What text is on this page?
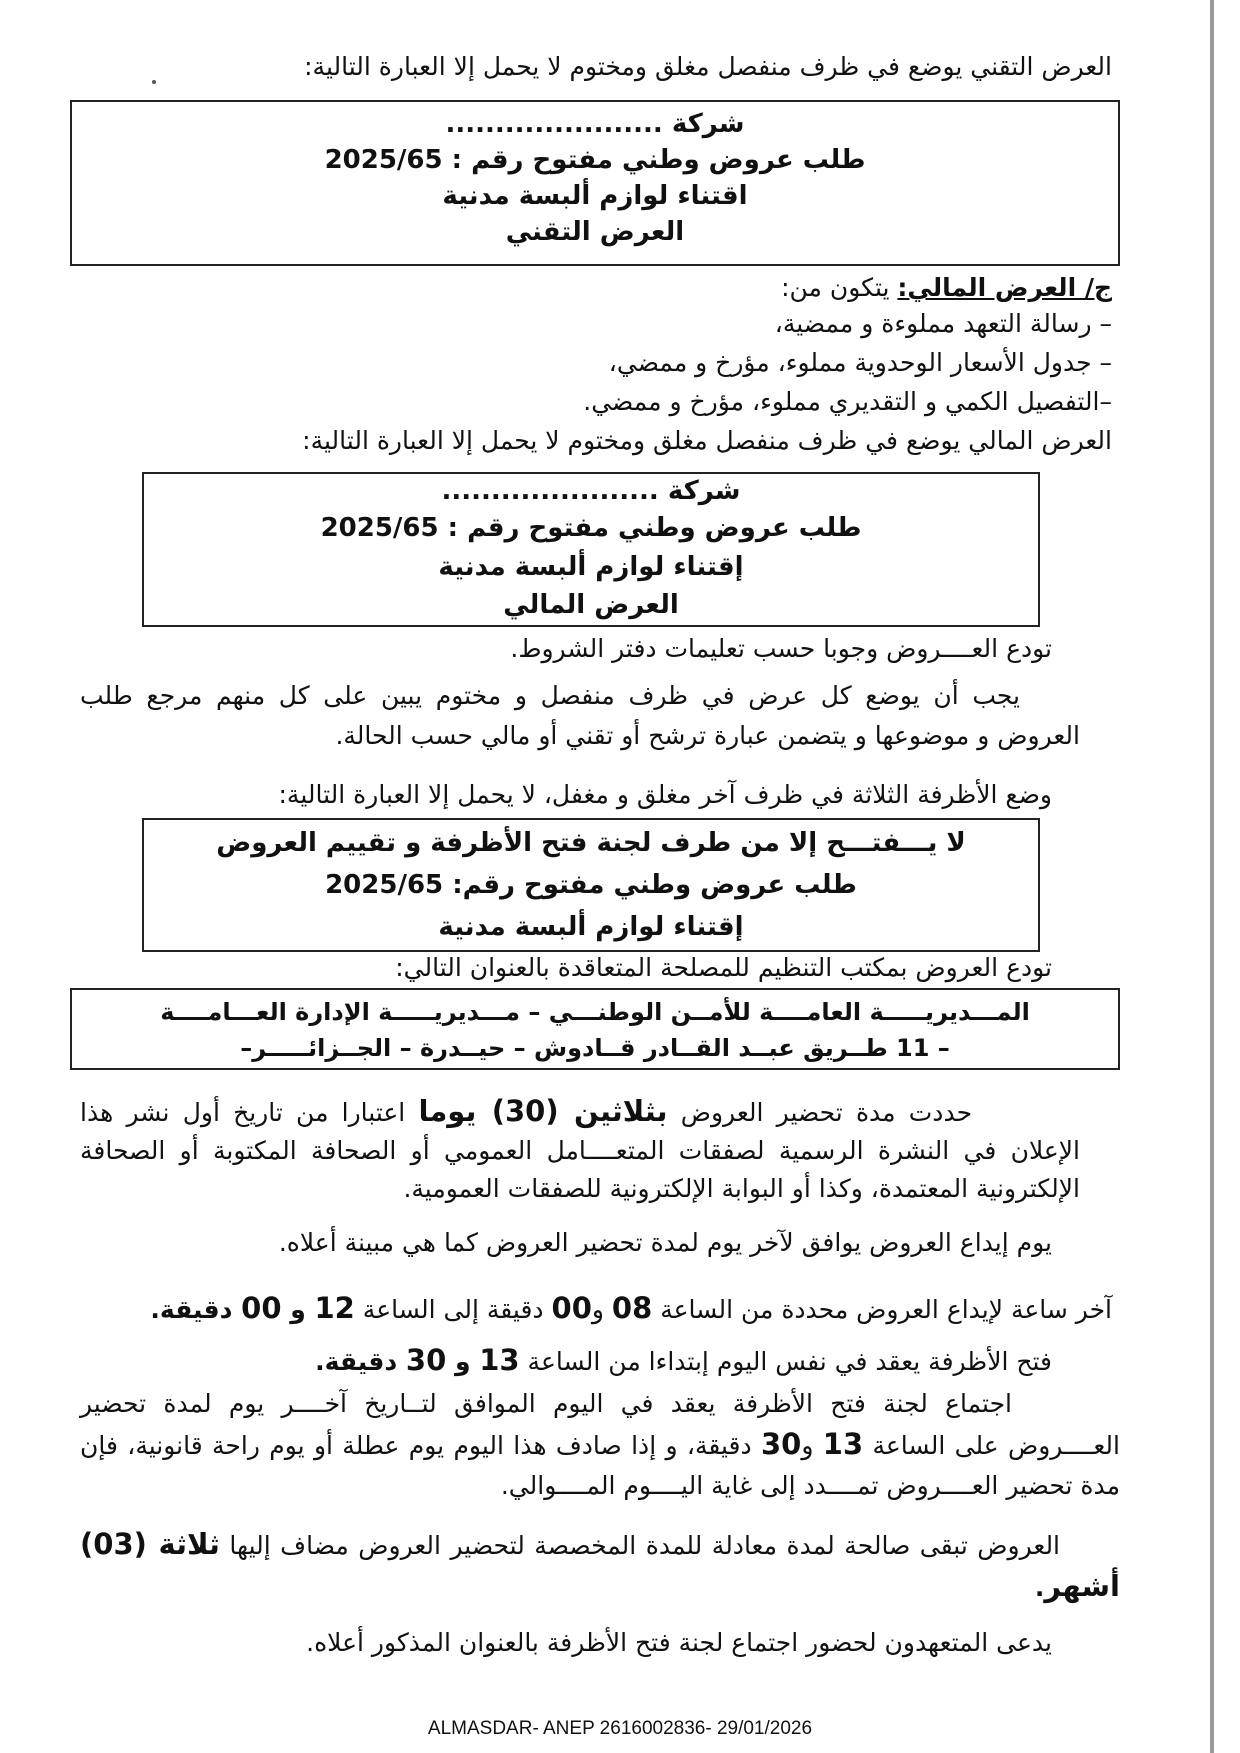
العرض التقني يوضع في ظرف منفصل مغلق ومختوم لا يحمل إلا العبارة التالية:
شركة ......................
طلب عروض وطني مفتوح رقم : 2025/65
اقتناء لوازم ألبسة مدنية
العرض التقني
ج/ العرض المالي: يتكون من:
– رسالة التعهد مملوءة و ممضية،
– جدول الأسعار الوحدوية مملوء، مؤرخ و ممضي،
–التفصيل الكمي و التقديري مملوء، مؤرخ و ممضي.
العرض المالي يوضع في ظرف منفصل مغلق ومختوم لا يحمل إلا العبارة التالية:
شركة ......................
طلب عروض وطني مفتوح رقم : 2025/65
إقتناء لوازم ألبسة مدنية
العرض المالي
تودع العــــروض وجوبا حسب تعليمات دفتر الشروط.
يجب أن يوضع كل عرض في ظرف منفصل و مختوم يبين على كل منهم مرجع طلب العروض و موضوعها و يتضمن عبارة ترشح أو تقني أو مالي حسب الحالة.
وضع الأظرفة الثلاثة في ظرف آخر مغلق و مغفل، لا يحمل إلا العبارة التالية:
لا يـــفتـــح إلا من طرف لجنة فتح الأظرفة و تقييم العروض
طلب عروض وطني مفتوح رقم: 2025/65
إقتناء لوازم ألبسة مدنية
تودع العروض بمكتب التنظيم للمصلحة المتعاقدة بالعنوان التالي:
المـــديريـــــة العامــــة للأمــن الوطنـــي – مـــديريـــــة الإدارة العـــامــــة
– 11 طــريق عبــد القــادر قــادوش – حيــدرة – الجــزائـــــر–
حددت مدة تحضير العروض بثلاثين (30) يوما اعتبارا من تاريخ أول نشر هذا الإعلان في النشرة الرسمية لصفقات المتعــــامل العمومي أو الصحافة المكتوبة أو الصحافة الإلكترونية المعتمدة، وكذا أو البوابة الإلكترونية للصفقات العمومية.
يوم إيداع العروض يوافق لآخر يوم لمدة تحضير العروض كما هي مبينة أعلاه.
آخر ساعة لإيداع العروض محددة من الساعة 08 و00 دقيقة إلى الساعة 12 و 00 دقيقة.
فتح الأظرفة يعقد في نفس اليوم إبتداءا من الساعة 13 و 30 دقيقة.
اجتماع لجنة فتح الأظرفة يعقد في اليوم الموافق لتــاريخ آخــــر يوم لمدة تحضير العــــروض على الساعة 13 و30 دقيقة، و إذا صادف هذا اليوم يوم عطلة أو يوم راحة قانونية، فإن مدة تحضير العــــروض تمــــدد إلى غاية اليــــوم المــــوالي.
العروض تبقى صالحة لمدة معادلة للمدة المخصصة لتحضير العروض مضاف إليها ثلاثة (03) أشهر.
يدعى المتعهدون لحضور اجتماع لجنة فتح الأظرفة بالعنوان المذكور أعلاه.
ALMASDAR- ANEP 2616002836- 29/01/2026
